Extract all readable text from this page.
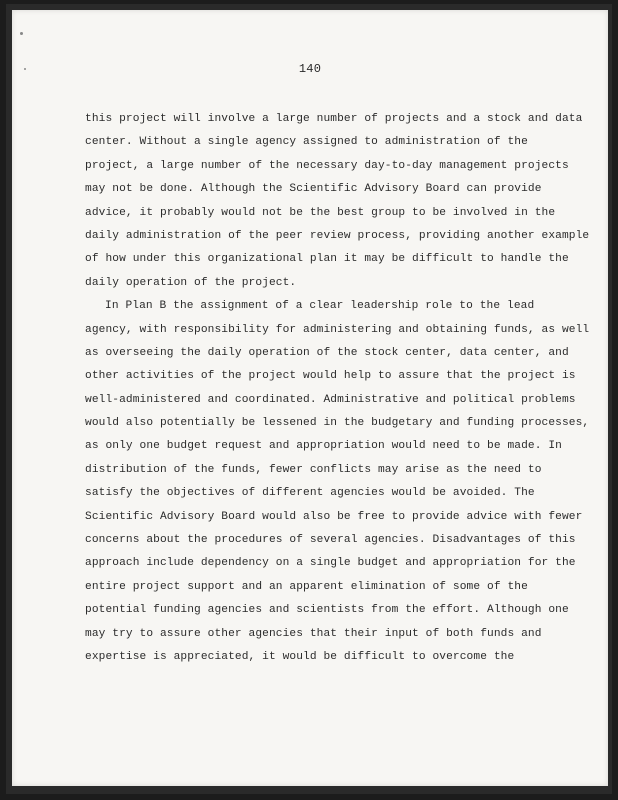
140
this project will involve a large number of projects and a stock and data
center. Without a single agency assigned to administration of the
project, a large number of the necessary day-to-day management projects
may not be done. Although the Scientific Advisory Board can provide
advice, it probably would not be the best group to be involved in the
daily administration of the peer review process, providing another example
of how under this organizational plan it may be difficult to handle the
daily operation of the project.
In Plan B the assignment of a clear leadership role to the lead
agency, with responsibility for administering and obtaining funds, as well
as overseeing the daily operation of the stock center, data center, and
other activities of the project would help to assure that the project is
well-administered and coordinated. Administrative and political problems
would also potentially be lessened in the budgetary and funding processes,
as only one budget request and appropriation would need to be made. In
distribution of the funds, fewer conflicts may arise as the need to
satisfy the objectives of different agencies would be avoided. The
Scientific Advisory Board would also be free to provide advice with fewer
concerns about the procedures of several agencies. Disadvantages of this
approach include dependency on a single budget and appropriation for the
entire project support and an apparent elimination of some of the
potential funding agencies and scientists from the effort. Although one
may try to assure other agencies that their input of both funds and
expertise is appreciated, it would be difficult to overcome the
